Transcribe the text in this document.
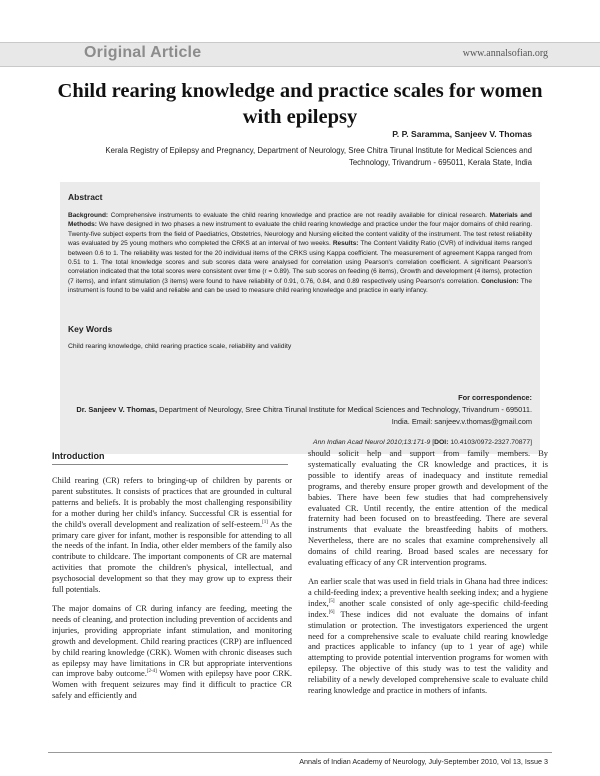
Original Article	www.annalsofian.org
Child rearing knowledge and practice scales for women with epilepsy
P. P. Saramma, Sanjeev V. Thomas
Kerala Registry of Epilepsy and Pregnancy, Department of Neurology, Sree Chitra Tirunal Institute for Medical Sciences and Technology, Trivandrum - 695011, Kerala State, India
Abstract
Background: Comprehensive instruments to evaluate the child rearing knowledge and practice are not readily available for clinical research. Materials and Methods: We have designed in two phases a new instrument to evaluate the child rearing knowledge and practice under the four major domains of child rearing. Twenty-five subject experts from the field of Paediatrics, Obstetrics, Neurology and Nursing elicited the content validity of the instrument. The test retest reliability was evaluated by 25 young mothers who completed the CRKS at an interval of two weeks. Results: The Content Validity Ratio (CVR) of individual items ranged between 0.6 to 1. The reliability was tested for the 20 individual items of the CRKS using Kappa coefficient. The measurement of agreement Kappa ranged from 0.51 to 1. The total knowledge scores and sub scores data were analysed for correlation using Pearson's correlation coefficient. A significant Pearson's correlation indicated that the total scores were consistent over time (r = 0.89). The sub scores on feeding (6 items), Growth and development (4 items), protection (7 items), and infant stimulation (3 items) were found to have reliability of 0.91, 0.76, 0.84, and 0.89 respectively using Pearson's correlation. Conclusion: The instrument is found to be valid and reliable and can be used to measure child rearing knowledge and practice in early infancy.
Key Words
Child rearing knowledge, child rearing practice scale, reliability and validity
For correspondence:
Dr. Sanjeev V. Thomas, Department of Neurology, Sree Chitra Tirunal Institute for Medical Sciences and Technology, Trivandrum - 695011. India. Email: sanjeev.v.thomas@gmail.com
Ann Indian Acad Neurol 2010;13:171-9 [DOI: 10.4103/0972-2327.70877]
Introduction

Child rearing (CR) refers to bringing-up of children by parents or parent substitutes. It consists of practices that are grounded in cultural patterns and beliefs. It is probably the most challenging responsibility for a mother during her child's infancy. Successful CR is essential for the child's overall development and realization of self-esteem.[1] As the primary care giver for infant, mother is responsible for attending to all the needs of the infant. In India, other elder members of the family also contribute to childcare. The important components of CR are maternal activities that promote the children's physical, intellectual, and psychosocial development so that they may grow up to express their full potentials.

The major domains of CR during infancy are feeding, meeting the needs of cleaning, and protection including prevention of accidents and injuries, providing appropriate infant stimulation, and monitoring growth and development. Child rearing practices (CRP) are influenced by child rearing knowledge (CRK). Women with chronic diseases such as epilepsy may have limitations in CR but appropriate interventions can improve baby outcome.[2-4] Women with epilepsy have poor CRK. Women with frequent seizures may find it difficult to practice CR safely and efficiently and

should solicit help and support from family members. By systematically evaluating the CR knowledge and practices, it is possible to identify areas of inadequacy and institute remedial programs, and thereby ensure proper growth and development of the babies. There have been few studies that had comprehensively evaluated CR. Until recently, the entire attention of the medical fraternity had been focused on to breastfeeding. There are several instruments that evaluate the breastfeeding habits of mothers. Nevertheless, there are no scales that examine comprehensively all domains of child rearing. Broad based scales are necessary for evaluating efficacy of any CR intervention programs.

An earlier scale that was used in field trials in Ghana had three indices: a child-feeding index; a preventive health seeking index; and a hygiene index,[5] another scale consisted of only age-specific child-feeding index.[6] These indices did not evaluate the domains of infant stimulation or protection. The investigators experienced the urgent need for a comprehensive scale to evaluate child rearing knowledge and practices applicable to infancy (up to 1 year of age) while attempting to provide potential intervention programs for women with epilepsy. The objective of this study was to test the validity and reliability of a newly developed comprehensive scale to evaluate child rearing knowledge and practice in mothers of infants.

Annals of Indian Academy of Neurology, July-September 2010, Vol 13, Issue 3
